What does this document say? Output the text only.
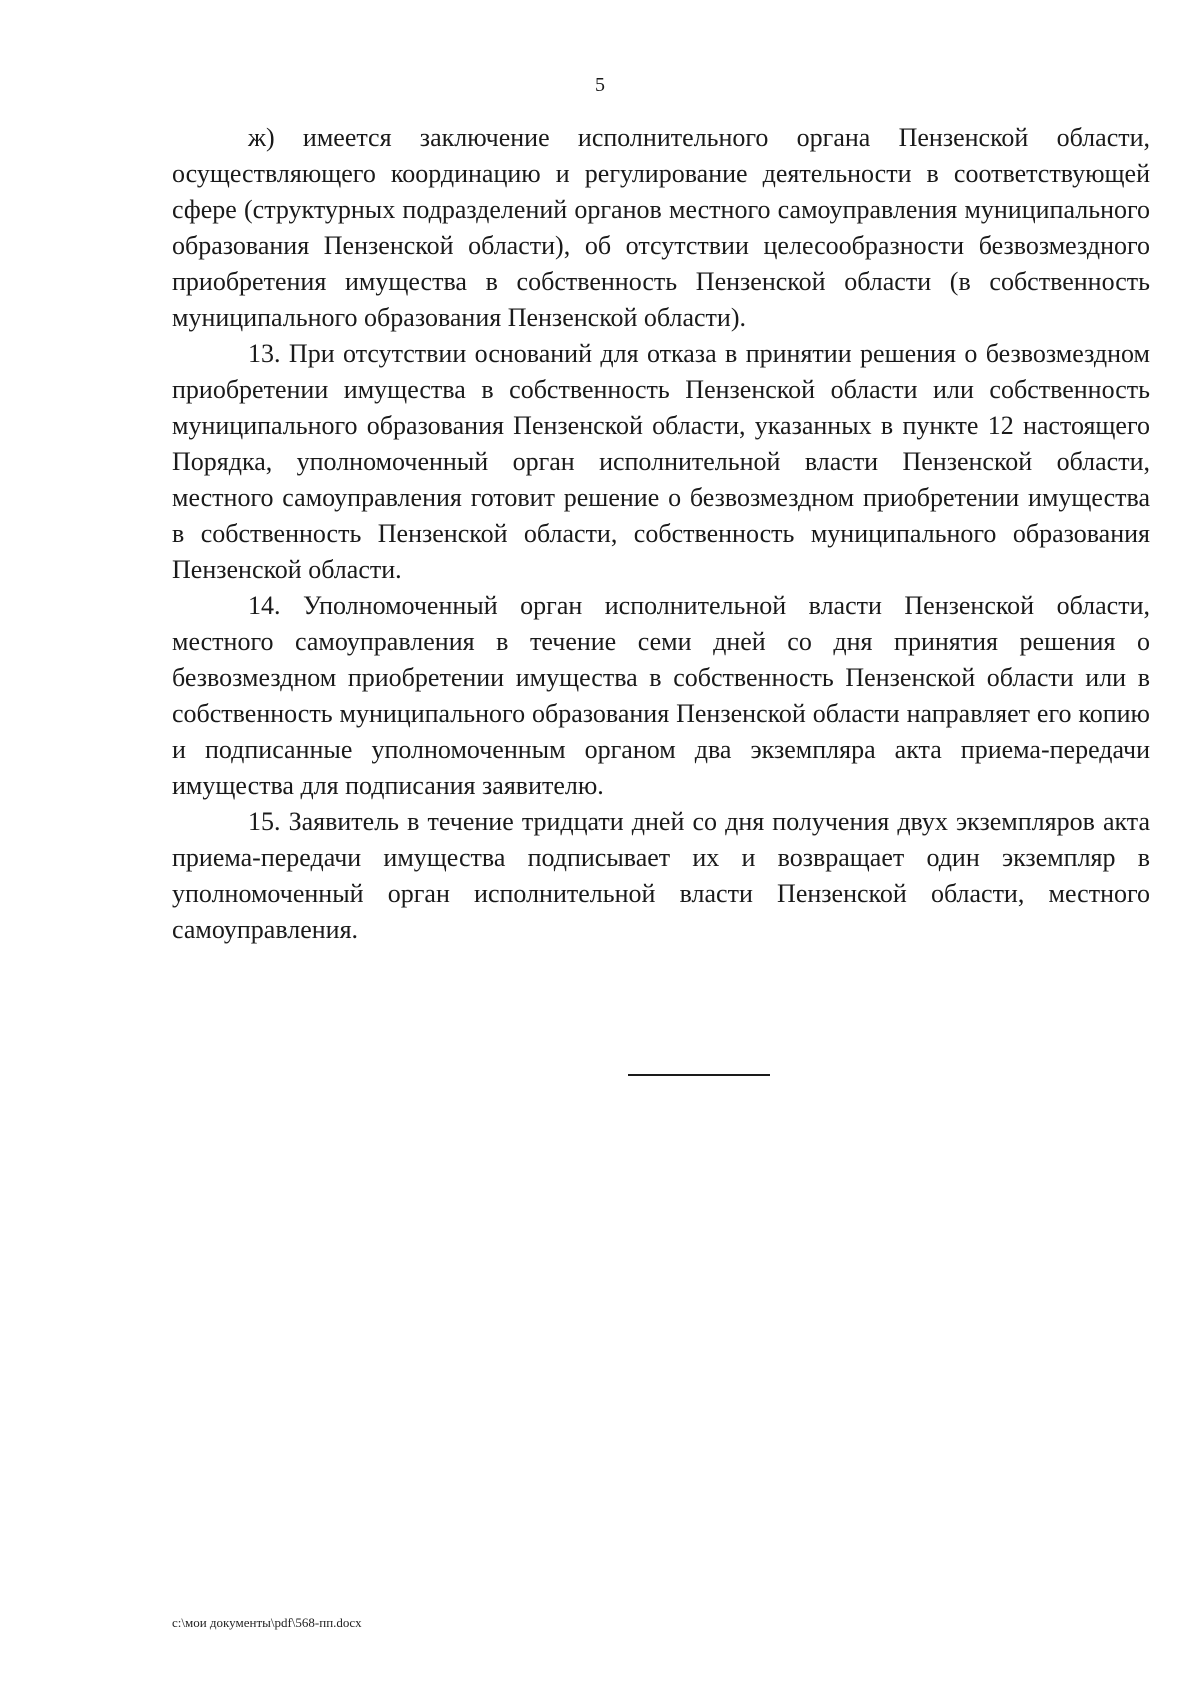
5

ж) имеется заключение исполнительного органа Пензенской области, осуществляющего координацию и регулирование деятельности в соответствующей сфере (структурных подразделений органов местного самоуправления муниципального образования Пензенской области), об отсутствии целесообразности безвозмездного приобретения имущества в собственность Пензенской области (в собственность муниципального образования Пензенской области).

13. При отсутствии оснований для отказа в принятии решения о безвозмездном приобретении имущества в собственность Пензенской области или собственность муниципального образования Пензенской области, указанных в пункте 12 настоящего Порядка, уполномоченный орган исполнительной власти Пензенской области, местного самоуправления готовит решение о безвозмездном приобретении имущества в собственность Пензенской области, собственность муниципального образования Пензенской области.

14. Уполномоченный орган исполнительной власти Пензенской области, местного самоуправления в течение семи дней со дня принятия решения о безвозмездном приобретении имущества в собственность Пензенской области или в собственность муниципального образования Пензенской области направляет его копию и подписанные уполномоченным органом два экземпляра акта приема-передачи имущества для подписания заявителю.

15. Заявитель в течение тридцати дней со дня получения двух экземпляров акта приема-передачи имущества подписывает их и возвращает один экземпляр в уполномоченный орган исполнительной власти Пензенской области, местного самоуправления.

c:\мои документы\pdf\568-пп.docx
